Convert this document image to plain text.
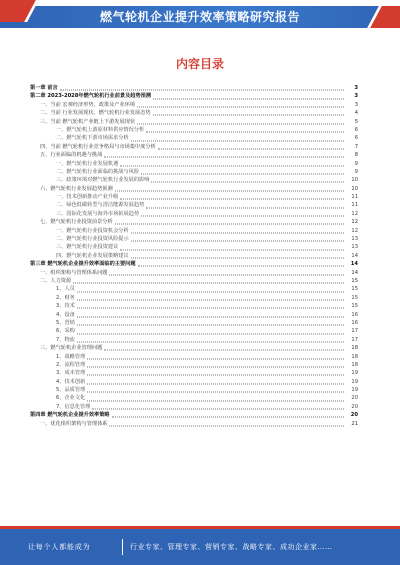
燃气轮机企业提升效率策略研究报告
内容目录
第一章 前言	3
第二章 2023-2028年燃气轮机行业前景及趋势预测	3
一、当前 宏观经济形势、政策及产业环境	3
二、当前 行业发展现状、燃气轮机行业发展态势	4
三、当前 燃气轮机产业链上下游发展现状	5
一、燃气轮机上游原材料供应情况分析	6
二、燃气轮机下游市场需求分析	6
四、当前 燃气轮机行业竞争格局与市场集中度分析	7
五、行业面临的机遇与挑战	8
一、燃气轮机行业发展机遇	9
二、燃气轮机行业面临的挑战与风险	9
三、政策环境对燃气轮机行业发展的影响	10
六、燃气轮机行业发展趋势预测	10
一、技术创新推动产业升级	11
二、绿色低碳转型与清洁能源发展趋势	11
三、国际化发展与海外市场拓展趋势	12
七、燃气轮机行业投资前景分析	12
一、燃气轮机行业投资机会分析	12
二、燃气轮机行业投资风险提示	13
三、燃气轮机行业投资建议	13
四、燃气轮机企业发展策略建议	14
第三章 燃气轮机企业提升效率面临的主要问题	14
一、组织架构与管理体系问题	14
二、人力资源	15
1、人员	15
2、财务	15
3、技术	15
4、设备	16
5、营销	16
6、采购	17
7、物流	17
三、燃气轮机企业管理问题	18
1、战略管理	18
2、流程管理	18
3、成本管理	19
4、技术创新	19
5、品质管理	19
6、企业文化	20
7、信息化管理	20
第四章 燃气轮机企业提升效率策略	20
一、优化组织架构与管理体系	21
让每个人都能成为	行业专家、管理专家、营销专家、战略专家、成功企业家……
